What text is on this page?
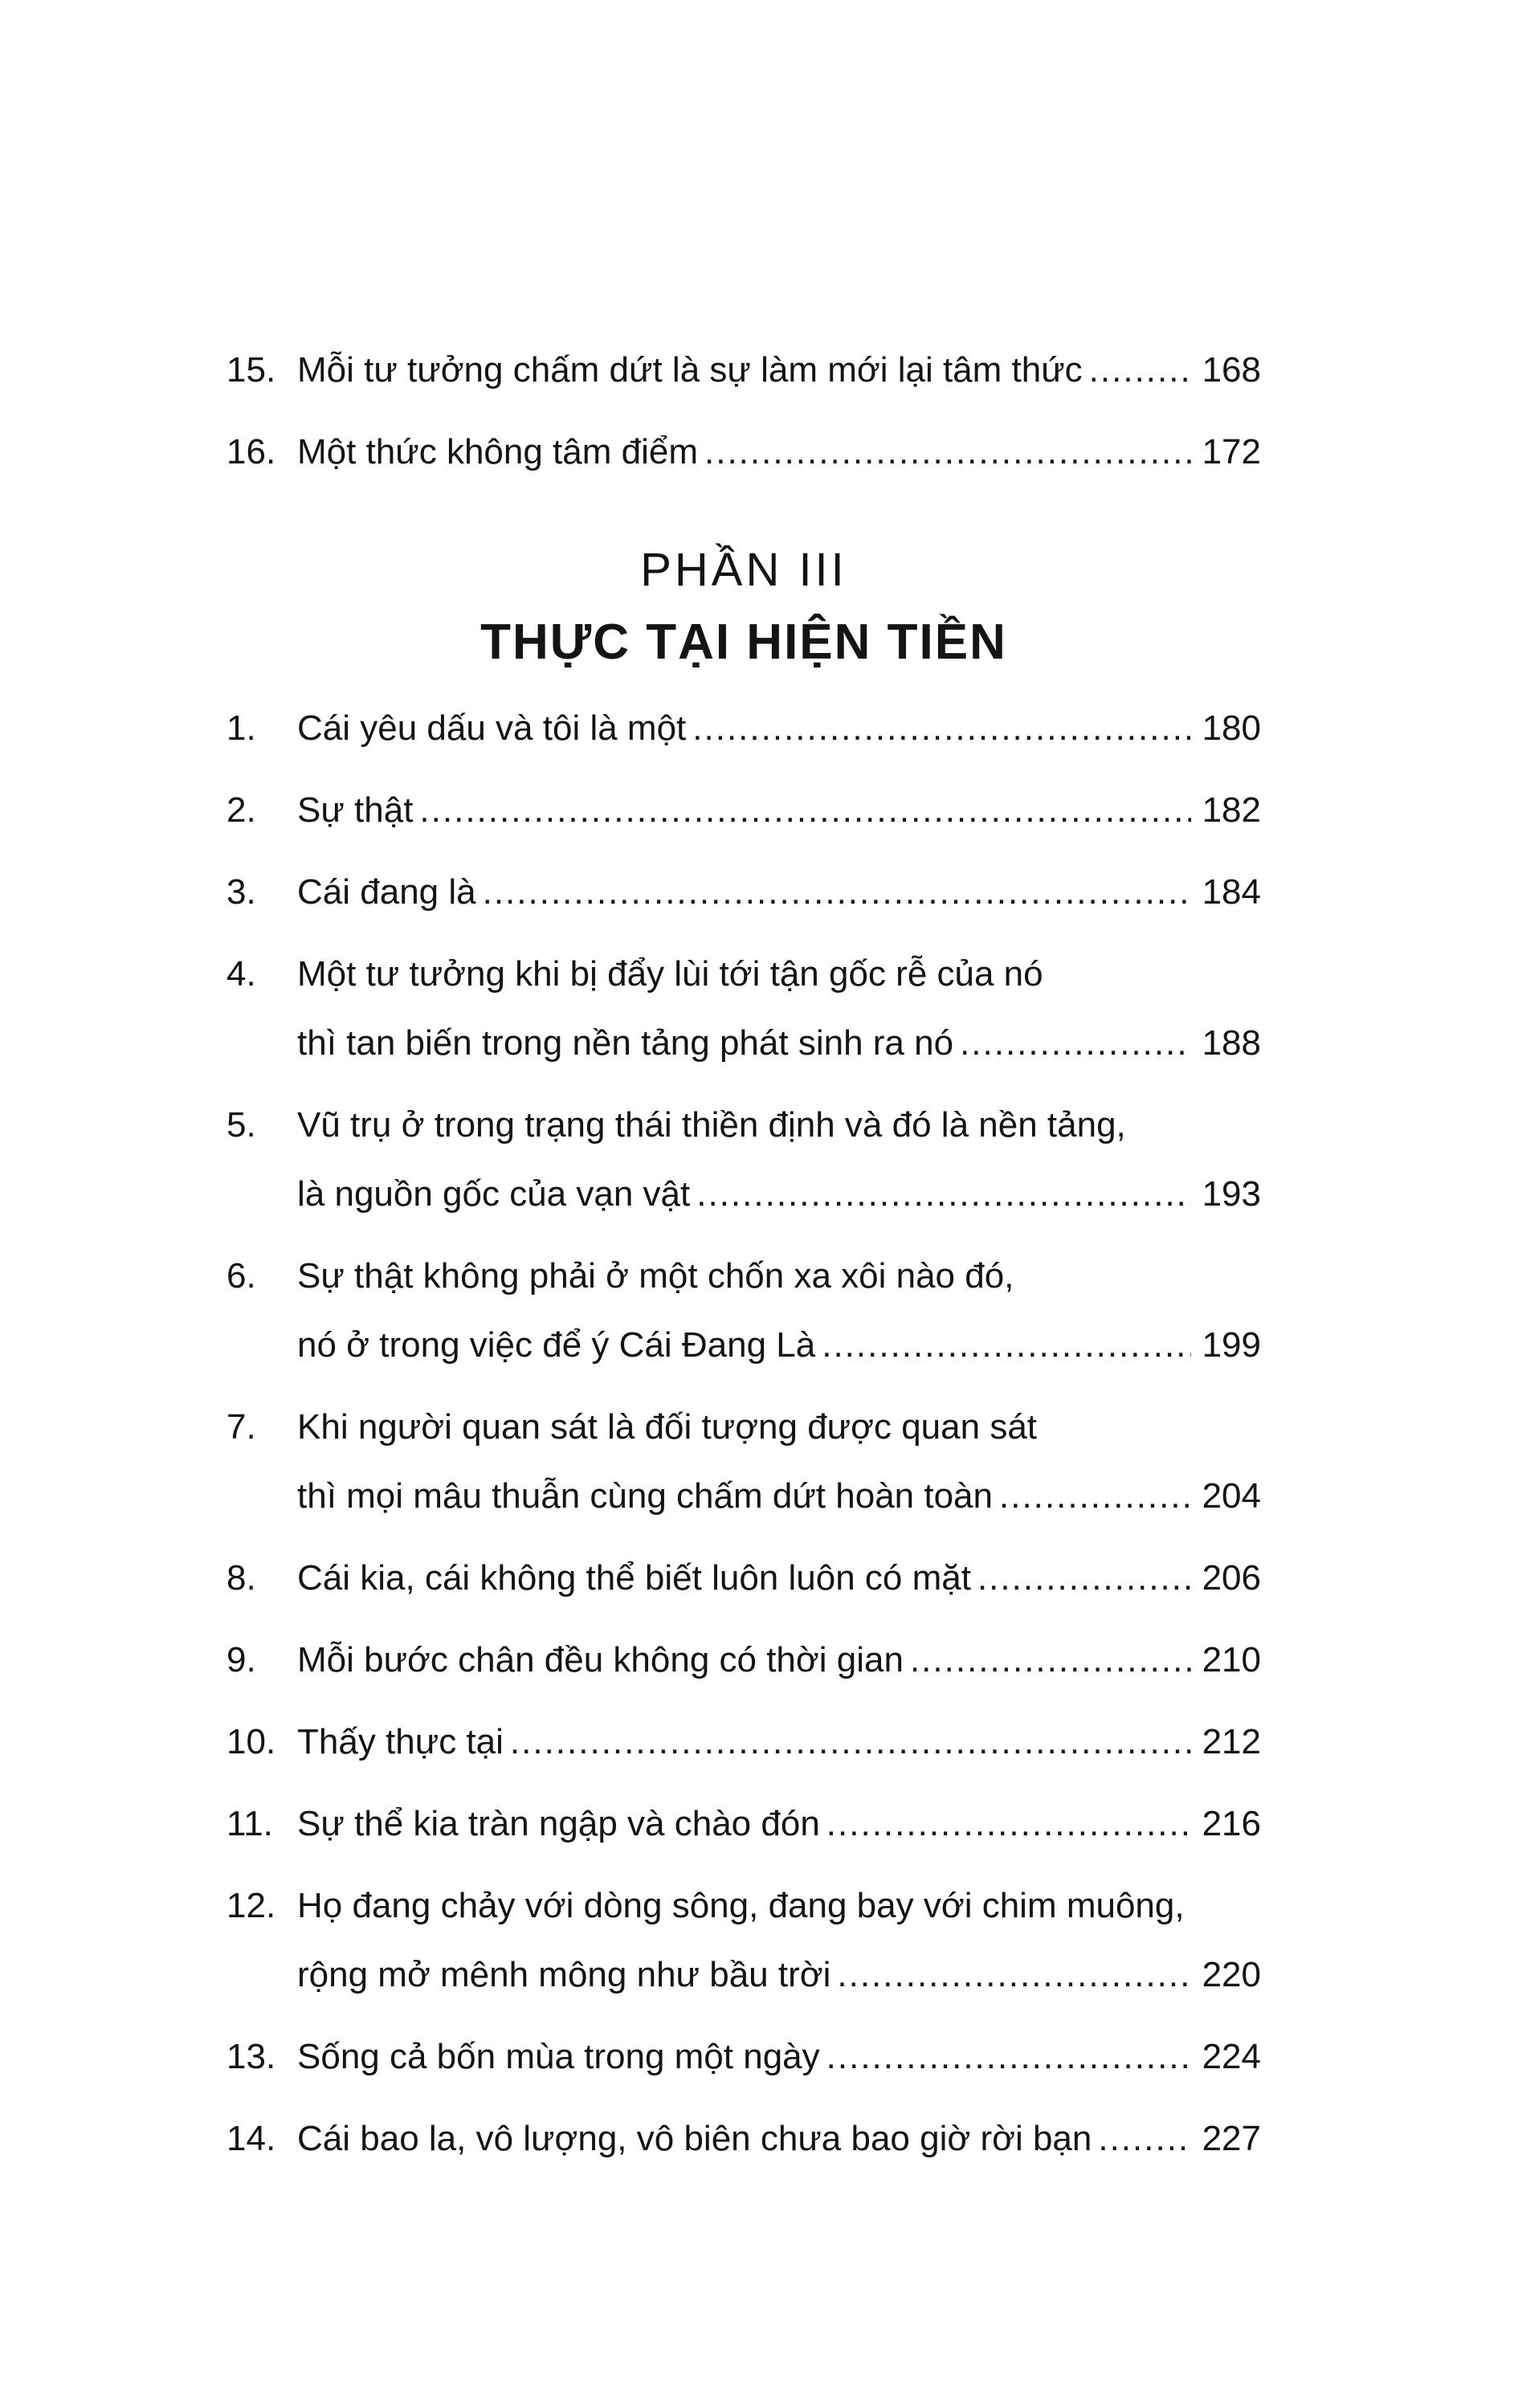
15. Mỗi tư tưởng chấm dứt là sự làm mới lại tâm thức .....	168
16. Một thức không tâm điểm .....	172
PHẦN III
THỰC TẠI HIỆN TIỀN
1.	Cái yêu dấu và tôi là một .....	180
2.	Sự thật .....	182
3.	Cái đang là .....	184
4.	Một tư tưởng khi bị đẩy lùi tới tận gốc rễ của nó
thì tan biến trong nền tảng phát sinh ra nó .....	188
5.	Vũ trụ ở trong trạng thái thiền định và đó là nền tảng,
là nguồn gốc của vạn vật .....	193
6.	Sự thật không phải ở một chốn xa xôi nào đó,
nó ở trong việc để ý Cái Đang Là .....	199
7.	Khi người quan sát là đối tượng được quan sát
thì mọi mâu thuẫn cùng chấm dứt hoàn toàn .....	204
8.	Cái kia, cái không thể biết luôn luôn có mặt .....	206
9.	Mỗi bước chân đều không có thời gian .....	210
10. Thấy thực tại .....	212
11. Sự thể kia tràn ngập và chào đón .....	216
12. Họ đang chảy với dòng sông, đang bay với chim muông,
rộng mở mênh mông như bầu trời .....	220
13. Sống cả bốn mùa trong một ngày .....	224
14. Cái bao la, vô lượng, vô biên chưa bao giờ rời bạn .....	227
